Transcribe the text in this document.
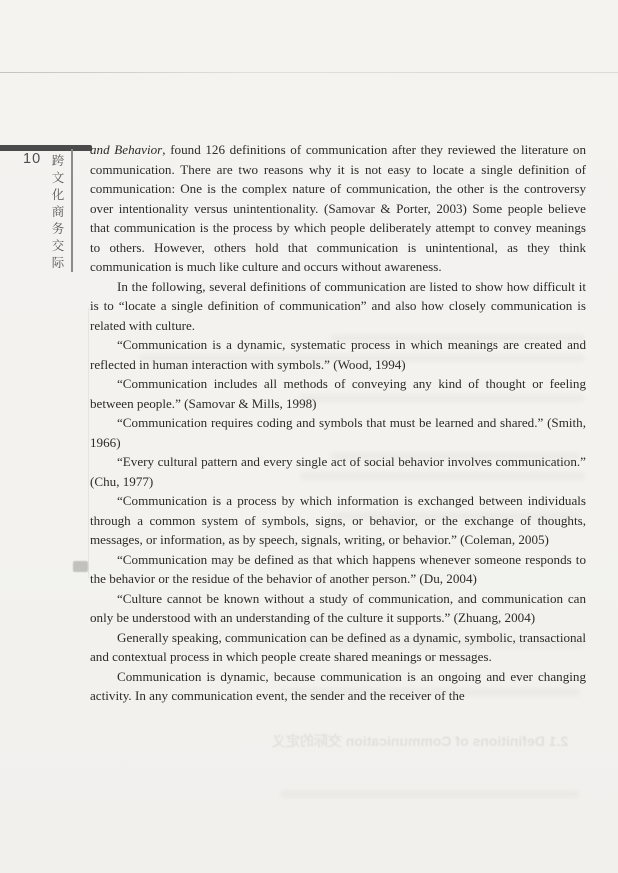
10 跨文化商务交际

and Behavior, found 126 definitions of communication after they reviewed the literature on communication. There are two reasons why it is not easy to locate a single definition of communication: One is the complex nature of communication, the other is the controversy over intentionality versus unintentionality. (Samovar & Porter, 2003) Some people believe that communication is the process by which people deliberately attempt to convey meanings to others. However, others hold that communication is unintentional, as they think communication is much like culture and occurs without awareness.

In the following, several definitions of communication are listed to show how difficult it is to “locate a single definition of communication” and also how closely communication is related with culture.

“Communication is a dynamic, systematic process in which meanings are created and reflected in human interaction with symbols.” (Wood, 1994)

“Communication includes all methods of conveying any kind of thought or feeling between people.” (Samovar & Mills, 1998)

“Communication requires coding and symbols that must be learned and shared.” (Smith, 1966)

“Every cultural pattern and every single act of social behavior involves communication.” (Chu, 1977)

“Communication is a process by which information is exchanged between individuals through a common system of symbols, signs, or behavior, or the exchange of thoughts, messages, or information, as by speech, signals, writing, or behavior.” (Coleman, 2005)

“Communication may be defined as that which happens whenever someone responds to the behavior or the residue of the behavior of another person.” (Du, 2004)

“Culture cannot be known without a study of communication, and communication can only be understood with an understanding of the culture it supports.” (Zhuang, 2004)

Generally speaking, communication can be defined as a dynamic, symbolic, transactional and contextual process in which people create shared meanings or messages.

Communication is dynamic, because communication is an ongoing and ever changing activity. In any communication event, the sender and the receiver of the

2.1 Definitions of Communication 交际的定义
